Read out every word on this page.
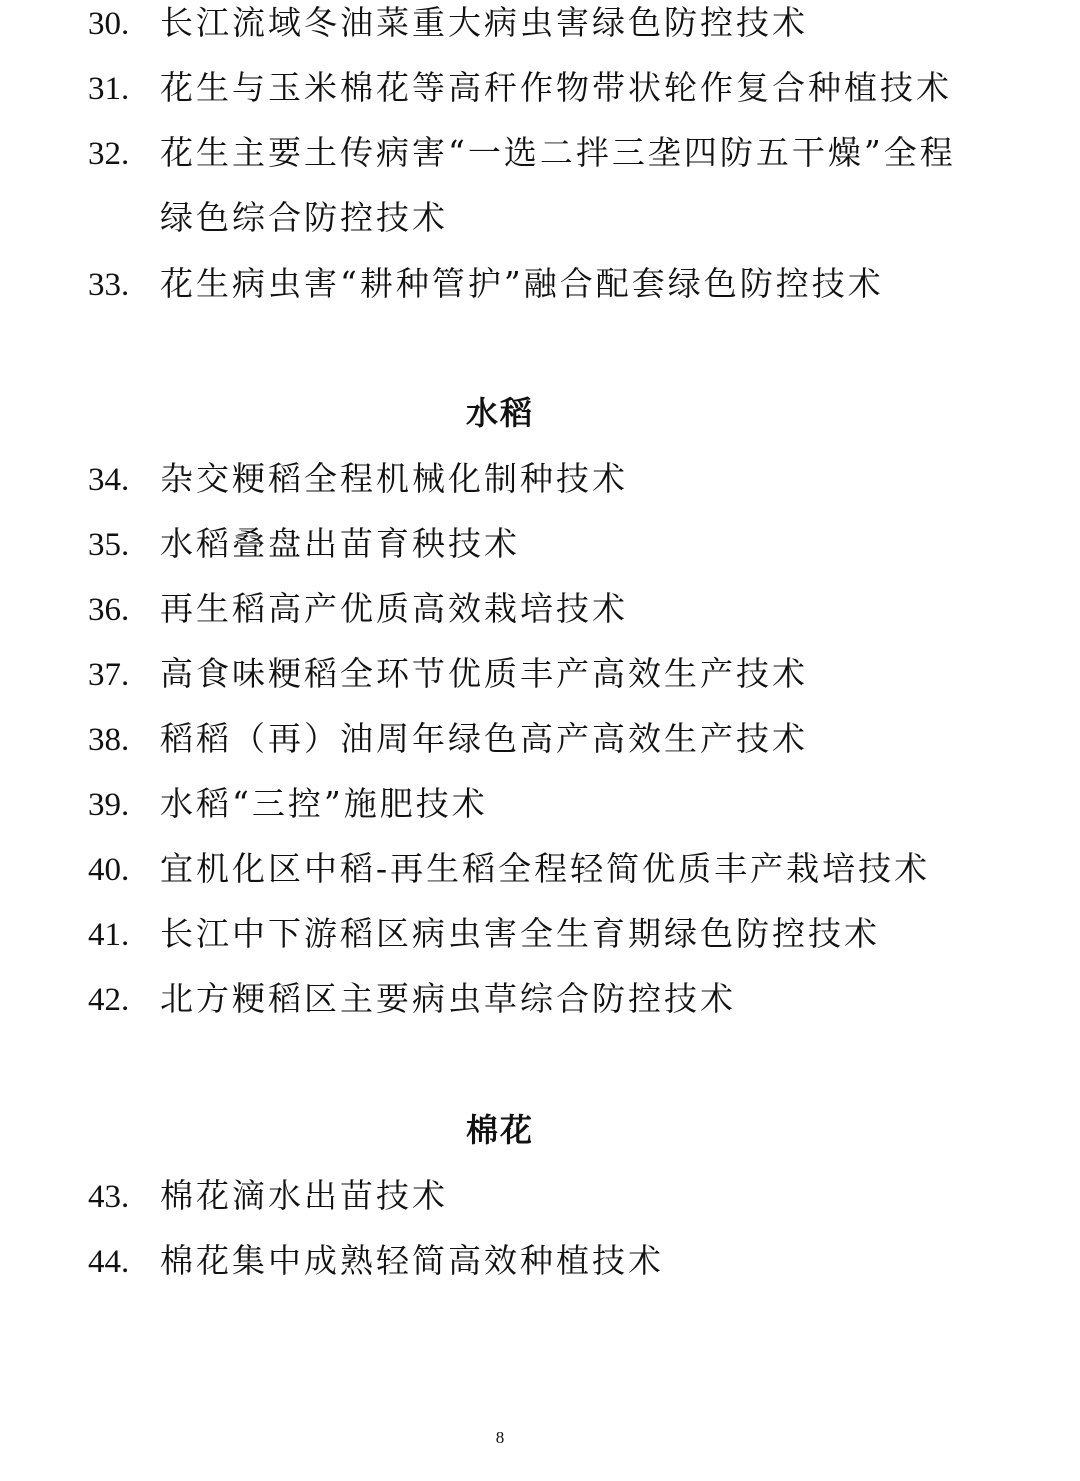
30. 长江流域冬油菜重大病虫害绿色防控技术
31. 花生与玉米棉花等高秆作物带状轮作复合种植技术
32. 花生主要土传病害“一选二拌三垄四防五干燥”全程绿色综合防控技术
33. 花生病虫害“耕种管护”融合配套绿色防控技术
水稻
34. 杂交粳稻全程机械化制种技术
35. 水稻叠盘出苗育秧技术
36. 再生稻高产优质高效栽培技术
37. 高食味粳稻全环节优质丰产高效生产技术
38. 稻稻（再）油周年绿色高产高效生产技术
39. 水稻“三控”施肥技术
40. 宜机化区中稻-再生稻全程轻简优质丰产栽培技术
41. 长江中下游稻区病虫害全生育期绿色防控技术
42. 北方粳稻区主要病虫草综合防控技术
棉花
43. 棉花滴水出苗技术
44. 棉花集中成熟轻简高效种植技术
8
